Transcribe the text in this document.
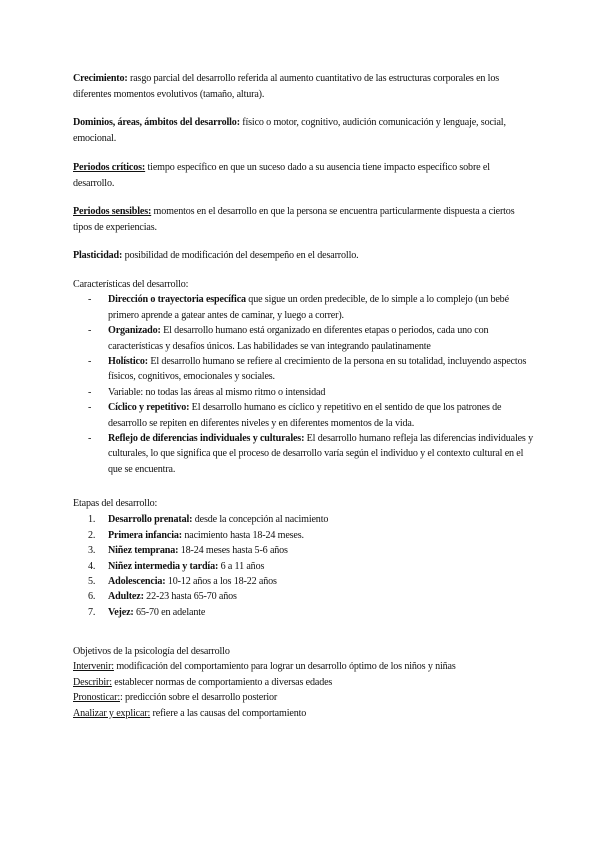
Crecimiento: rasgo parcial del desarrollo referida al aumento cuantitativo de las estructuras corporales en los diferentes momentos evolutivos (tamaño, altura).

Dominios, áreas, ámbitos del desarrollo: físico o motor, cognitivo, audición comunicación y lenguaje, social, emocional.

Periodos críticos: tiempo específico en que un suceso dado a su ausencia tiene impacto específico sobre el desarrollo.

Periodos sensibles: momentos en el desarrollo en que la persona se encuentra particularmente dispuesta a ciertos tipos de experiencias.

Plasticidad: posibilidad de modificación del desempeño en el desarrollo.

Características del desarrollo:

-	Dirección o trayectoria específica que sigue un orden predecible, de lo simple a lo complejo (un bebé primero aprende a gatear antes de caminar, y luego a correr).
-	Organizado: El desarrollo humano está organizado en diferentes etapas o periodos, cada uno con características y desafíos únicos. Las habilidades se van integrando paulatinamente
-	Holístico: El desarrollo humano se refiere al crecimiento de la persona en su totalidad, incluyendo aspectos físicos, cognitivos, emocionales y sociales.
-	Variable: no todas las áreas al mismo ritmo o intensidad
-	Cíclico y repetitivo: El desarrollo humano es cíclico y repetitivo en el sentido de que los patrones de desarrollo se repiten en diferentes niveles y en diferentes momentos de la vida.
-	Reflejo de diferencias individuales y culturales: El desarrollo humano refleja las diferencias individuales y culturales, lo que significa que el proceso de desarrollo varía según el individuo y el contexto cultural en el que se encuentra.

Etapas del desarrollo:

1.	Desarrollo prenatal: desde la concepción al nacimiento
2.	Primera infancia: nacimiento hasta 18-24 meses.
3.	Niñez temprana: 18-24 meses hasta 5-6 años
4.	Niñez intermedia y tardía: 6 a 11 años
5.	Adolescencia: 10-12 años a los 18-22 años
6.	Adultez: 22-23 hasta 65-70 años
7.	Vejez: 65-70 en adelante

Objetivos de la psicología del desarrollo

Intervenir: modificación del comportamiento para lograr un desarrollo óptimo de los niños y niñas

Describir: establecer normas de comportamiento a diversas edades

Pronosticar:: predicción sobre el desarrollo posterior

Analizar y explicar: refiere a las causas del comportamiento
